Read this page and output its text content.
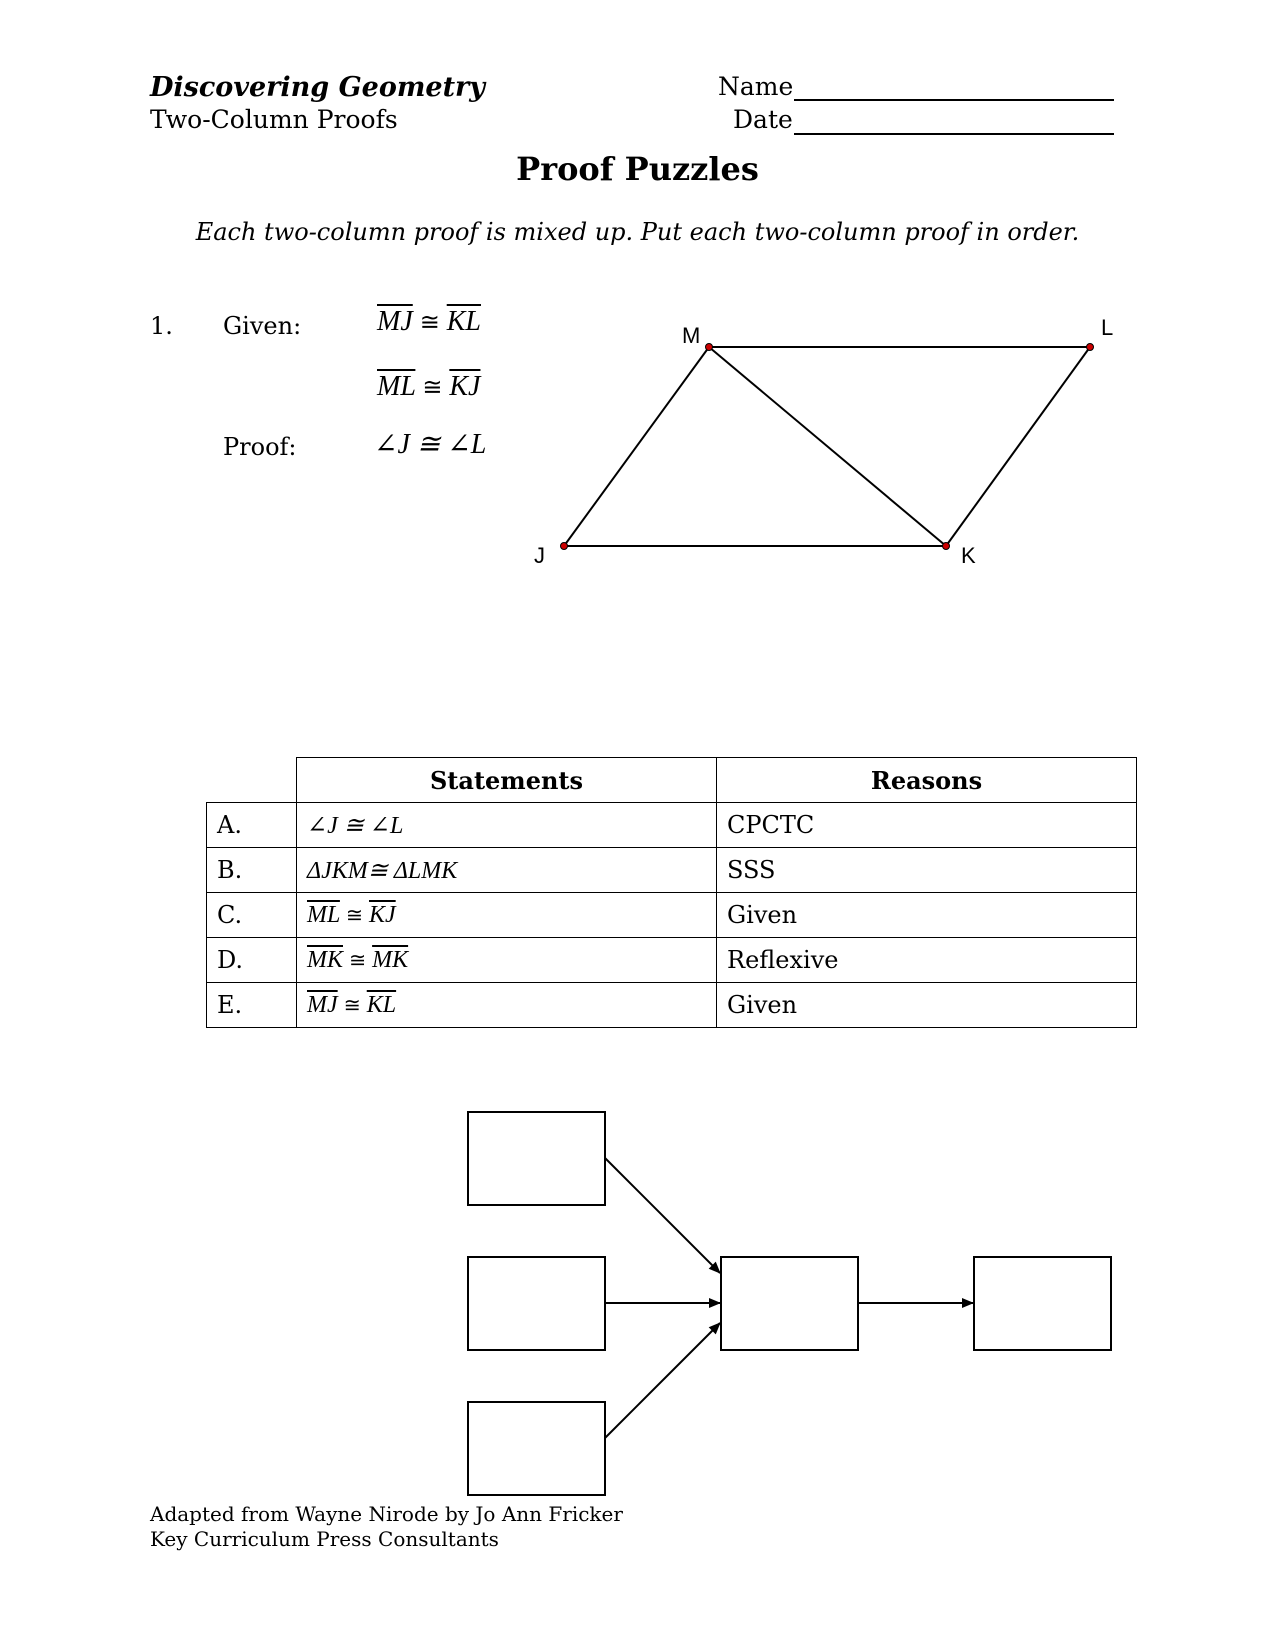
Discovering Geometry
Two-Column Proofs
Name
Date
Proof Puzzles
Each two-column proof is mixed up. Put each two-column proof in order.
1. Given:	$\overline{MJ}$ ≅ $\overline{KL}$
$\overline{ML}$ ≅ $\overline{KJ}$
Proof:	∠J ≅ ∠L
M	L
J	K
	Statements	Reasons
A.	∠J ≅ ∠L	CPCTC
B.	ΔJKM≅ ΔLMK	SSS
C.	$\overline{ML}$ ≅ $\overline{KJ}$	Given
D.	$\overline{MK}$ ≅ $\overline{MK}$	Reflexive
E.	$\overline{MJ}$ ≅ $\overline{KL}$	Given
Adapted from Wayne Nirode by Jo Ann Fricker
Key Curriculum Press Consultants
